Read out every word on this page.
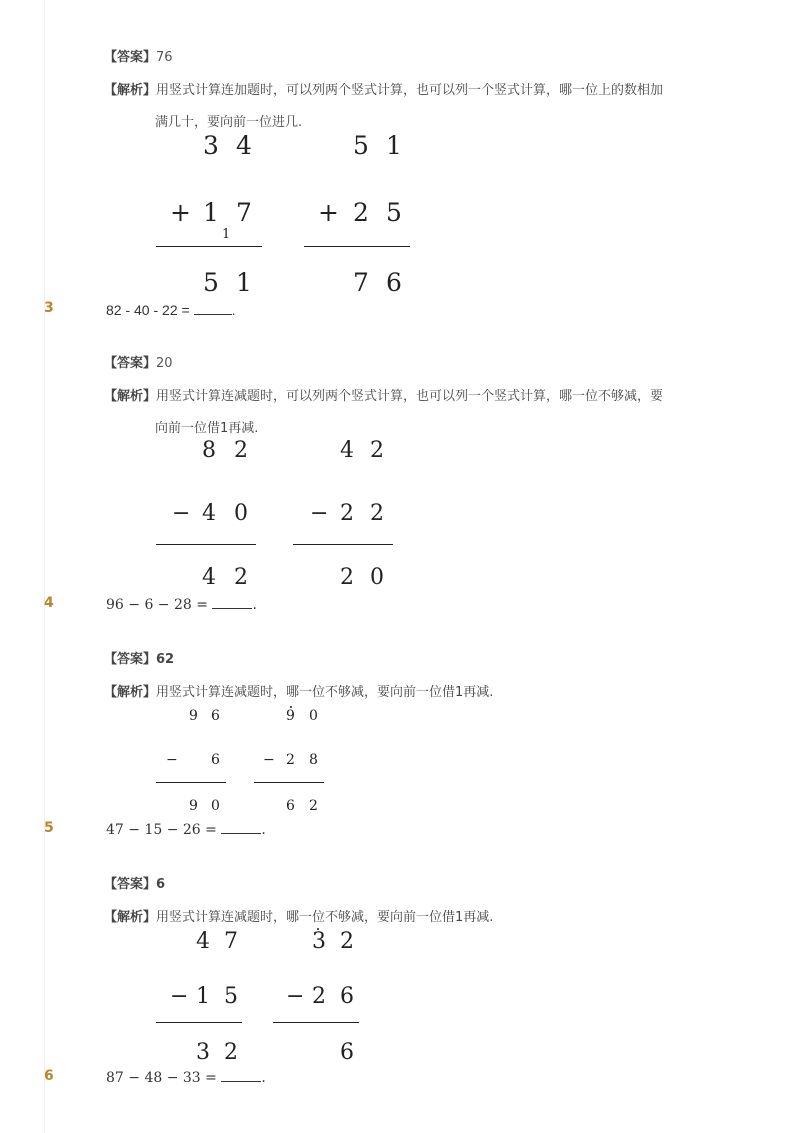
【答案】76
【解析】用竖式计算连加题时，可以列两个竖式计算，也可以列一个竖式计算，哪一位上的数相加
满几十，要向前一位进几.
3 4
+ 1 7
1
5 1
5 1
+ 2 5
7 6
3	82 - 40 - 22 =	.
【答案】20
【解析】用竖式计算连减题时，可以列两个竖式计算，也可以列一个竖式计算，哪一位不够减，要
向前一位借1再减.
8 2
− 4 0
4 2
4 2
− 2 2
2 0
4	96 − 6 − 28 =	.
【答案】62
【解析】用竖式计算连减题时，哪一位不够减，要向前一位借1再减.
9 6
− 6
9 0
9 0
− 2 8
6 2
5	47 − 15 − 26 =	.
【答案】6
【解析】用竖式计算连减题时，哪一位不够减，要向前一位借1再减.
4 7
− 1 5
3 2
3 2
− 2 6
6
6	87 − 48 − 33 =	.
